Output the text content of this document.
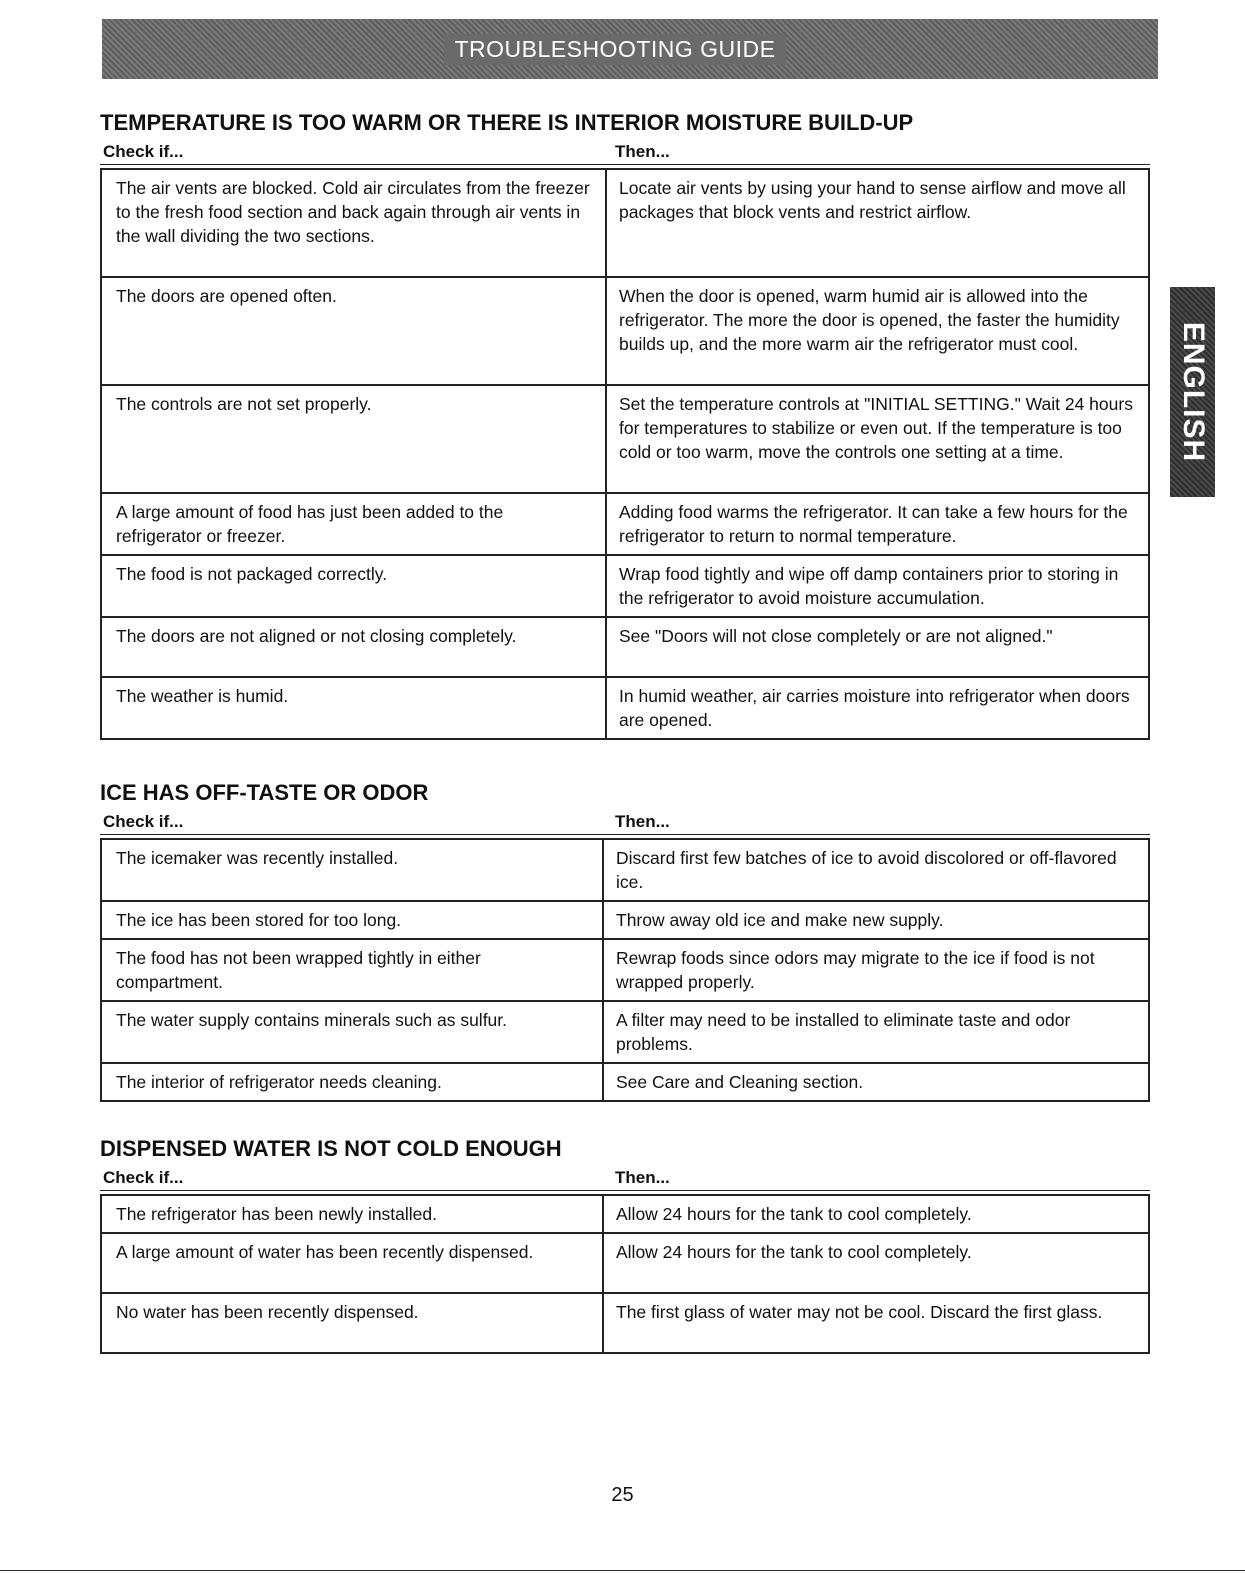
TROUBLESHOOTING GUIDE
ENGLISH
TEMPERATURE IS TOO WARM OR THERE IS INTERIOR MOISTURE BUILD-UP
Check if...	Then...
The air vents are blocked. Cold air circulates from the freezer to the fresh food section and back again through air vents in the wall dividing the two sections.	Locate air vents by using your hand to sense airflow and move all packages that block vents and restrict airflow.
The doors are opened often.	When the door is opened, warm humid air is allowed into the refrigerator. The more the door is opened, the faster the humidity builds up, and the more warm air the refrigerator must cool.
The controls are not set properly.	Set the temperature controls at "INITIAL SETTING." Wait 24 hours for temperatures to stabilize or even out. If the temperature is too cold or too warm, move the controls one setting at a time.
A large amount of food has just been added to the refrigerator or freezer.	Adding food warms the refrigerator. It can take a few hours for the refrigerator to return to normal temperature.
The food is not packaged correctly.	Wrap food tightly and wipe off damp containers prior to storing in the refrigerator to avoid moisture accumulation.
The doors are not aligned or not closing completely.	See "Doors will not close completely or are not aligned."
The weather is humid.	In humid weather, air carries moisture into refrigerator when doors are opened.
ICE HAS OFF-TASTE OR ODOR
Check if...	Then...
The icemaker was recently installed.	Discard first few batches of ice to avoid discolored or off-flavored ice.
The ice has been stored for too long.	Throw away old ice and make new supply.
The food has not been wrapped tightly in either compartment.	Rewrap foods since odors may migrate to the ice if food is not wrapped properly.
The water supply contains minerals such as sulfur.	A filter may need to be installed to eliminate taste and odor problems.
The interior of refrigerator needs cleaning.	See Care and Cleaning section.
DISPENSED WATER IS NOT COLD ENOUGH
Check if...	Then...
The refrigerator has been newly installed.	Allow 24 hours for the tank to cool completely.
A large amount of water has been recently dispensed.	Allow 24 hours for the tank to cool completely.
No water has been recently dispensed.	The first glass of water may not be cool. Discard the first glass.
25
